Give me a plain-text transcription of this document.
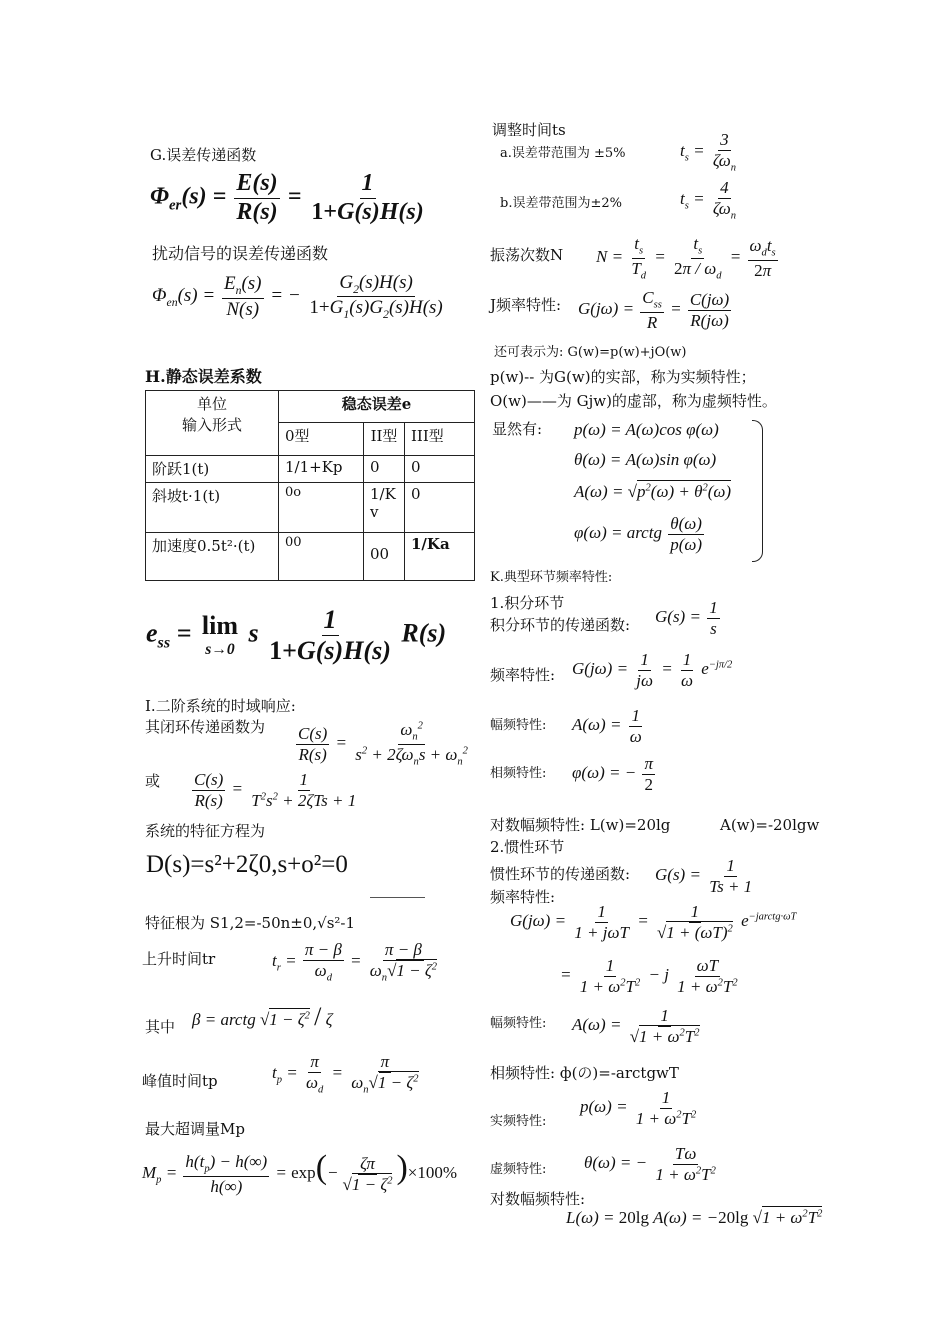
G.误差传递函数
$\Phi_{er}(s) = \frac{E(s)}{R(s)} = \frac{1}{1+G(s)H(s)}$
扰动信号的误差传递函数
$\Phi_{en}(s) = \frac{E_n(s)}{N(s)}$ = − $\frac{G_2(s)H(s)}{1+G_1(s)G_2(s)H(s)}$
H.静态误差系数
单位
输入形式	稳态误差e		
	0型	II型	III型
阶跃1(t)	1/1+Kp	0	0
斜坡t·1(t)	0o	1/Kv	0
加速度0.5t²·(t)	00	00	1/Ka
$e_{ss} = \lim$
s→0
s $\frac{1}{1+G(s)H(s)} R(s)$
I.二阶系统的时域响应:
其闭环传递函数为 $\frac{C(s)}{R(s)} = \frac{\omega_n^2}{s^2 + 2\zeta\omega_ns + \omega_n^2}$
或 $\frac{C(s)}{R(s)} = \frac{1}{T^2s^2 + 2\zeta Ts + 1}$
系统的特征方程为
D(s)=s²+2ζ0,s+o²=0
特征根为 S1,2=-50n±0,√s²-1
上升时间tr	$t_r = \frac{\pi - \beta}{\omega_d} = \frac{\pi - \beta}{\omega_n√1 - \zeta^2}$
其中 β = arctg $√1 - \zeta^2 / \zeta$
峰值时间tp	$t_p = \frac{\pi}{\omega_d} = \frac{\pi}{\omega_n√1 - \zeta^2}$
最大超调量Mp
$M_p = \frac{h(t_p) - h(\infty)}{h(\infty)} = \exp(- \frac{\zeta\pi}{√1 - \zeta^2} )\times 100\%$
调整时间ts
a.误差带范围为 ±5%	$t_s = \frac{3}{\zeta\omega_n}$
b.误差带范围为±2%	$t_s = \frac{4}{\zeta\omega_n}$
振荡次数N $N = \frac{t_s}{T_d} = \frac{t_s}{2\pi / \omega_d} = \frac{\omega_dt_s}{2\pi}$
J频率特性: $G(j\omega) = \frac{C_{ss}}{R} = \frac{C(j\omega)}{R(j\omega)}$
还可表示为: G(w)=p(w)+jO(w)
p(w)-- 为G(w)的实部，称为实频特性；
O(w)——为 Gjw)的虚部，称为虚频特性。
显然有: p(ω) = A(ω)cos φ(ω)
θ(ω) = A(ω)sin φ(ω)
$A(\omega) = √p^2(\omega) + \theta^2(\omega)$
φ(ω) = arctg $\frac{\theta(\omega)}{p(\omega)}$
K.典型环节频率特性:
1.积分环节
积分环节的传递函数: $G(s) = \frac{1}{s}$
频率特性: $G(j\omega) = \frac{1}{j\omega} = \frac{1}{\omega} e^{-j\pi/2}$
幅频特性: $A(\omega) = \frac{1}{\omega}$
相频特性: φ(ω) = − $\frac{\pi}{2}$
对数幅频特性: L(w)=20lg	A(w)=-20lgw
2.惯性环节
惯性环节的传递函数: $G(s) = \frac{1}{Ts + 1}$
频率特性:
$G(j\omega) = \frac{1}{\text{1 + jωT}} = \frac{1}{√1 + (\omega T)^2} e^{-jarctg\cdot\omega T}$
= $\frac{1}{1 + \omega^2T^2} - j \frac{\omega T}{1 + \omega^2T^2}$
幅频特性: $A(\omega) = \frac{1}{√1 + \omega^2T^2}$
相频特性: ф(の)=-arctgwT
实频特性:
$p(\omega) = \frac{1}{1 + \omega^2T^2}$
虚频特性: θ(ω) = − $\frac{T\omega}{1 + \omega^2T^2}$
对数幅频特性:
L(ω) = 20lg A(ω) = −20lg $√1 + \omega^2T^2$
